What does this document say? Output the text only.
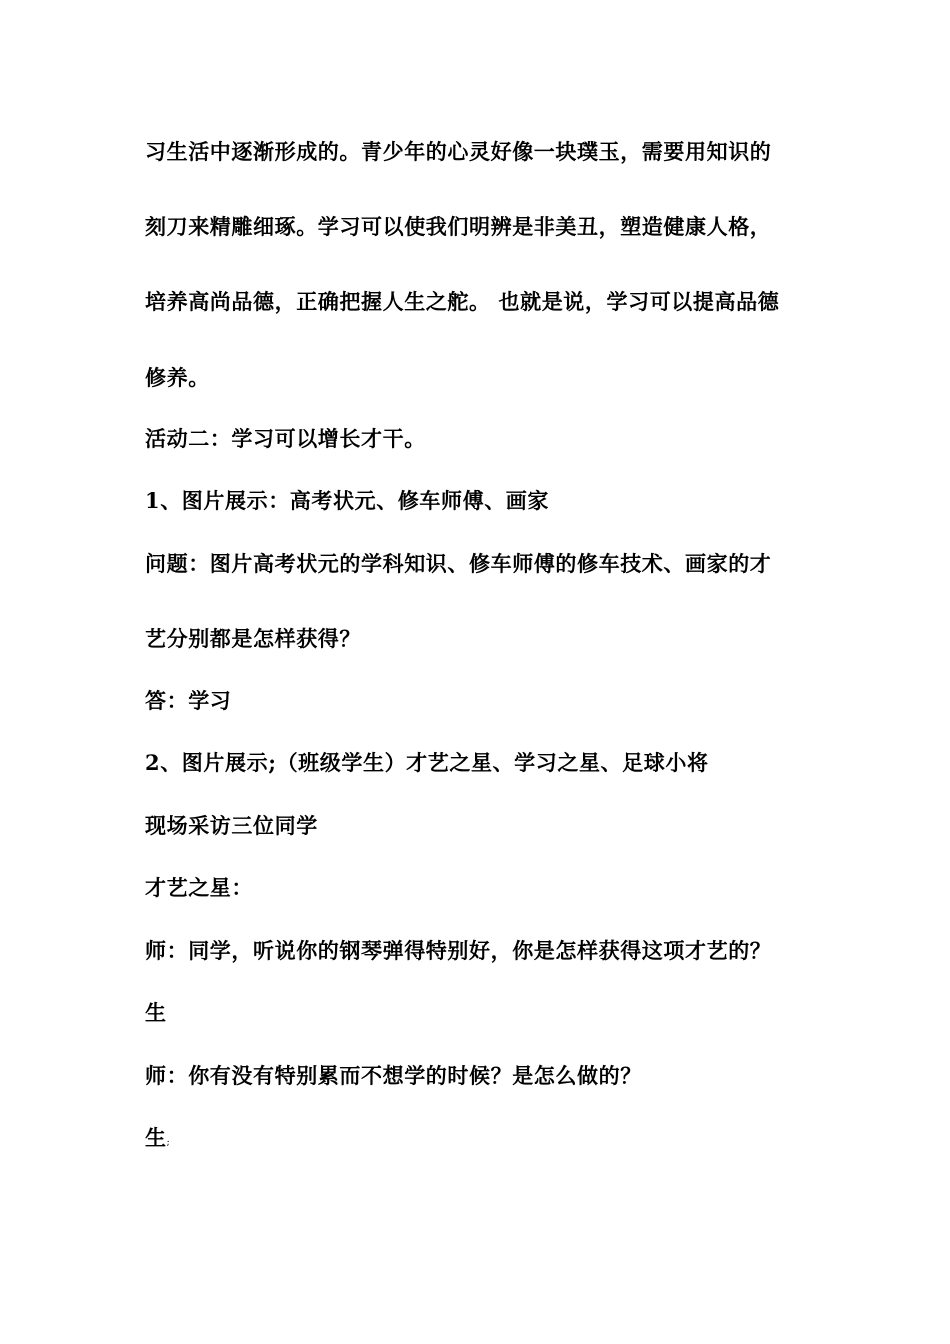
习生活中逐渐形成的。青少年的心灵好像一块璞玉，需要用知识的
刻刀来精雕细琢。学习可以使我们明辨是非美丑，塑造健康人格，
培养高尚品德，正确把握人生之舵。 也就是说，学习可以提高品德
修养。
活动二：学习可以增长才干。
1、图片展示：高考状元、修车师傅、画家
问题：图片高考状元的学科知识、修车师傅的修车技术、画家的才
艺分别都是怎样获得？
答：学习
2、图片展示;（班级学生）才艺之星、学习之星、足球小将
现场采访三位同学
才艺之星：
师：同学，听说你的钢琴弹得特别好，你是怎样获得这项才艺的？
生
师：你有没有特别累而不想学的时候？是怎么做的？
生;
